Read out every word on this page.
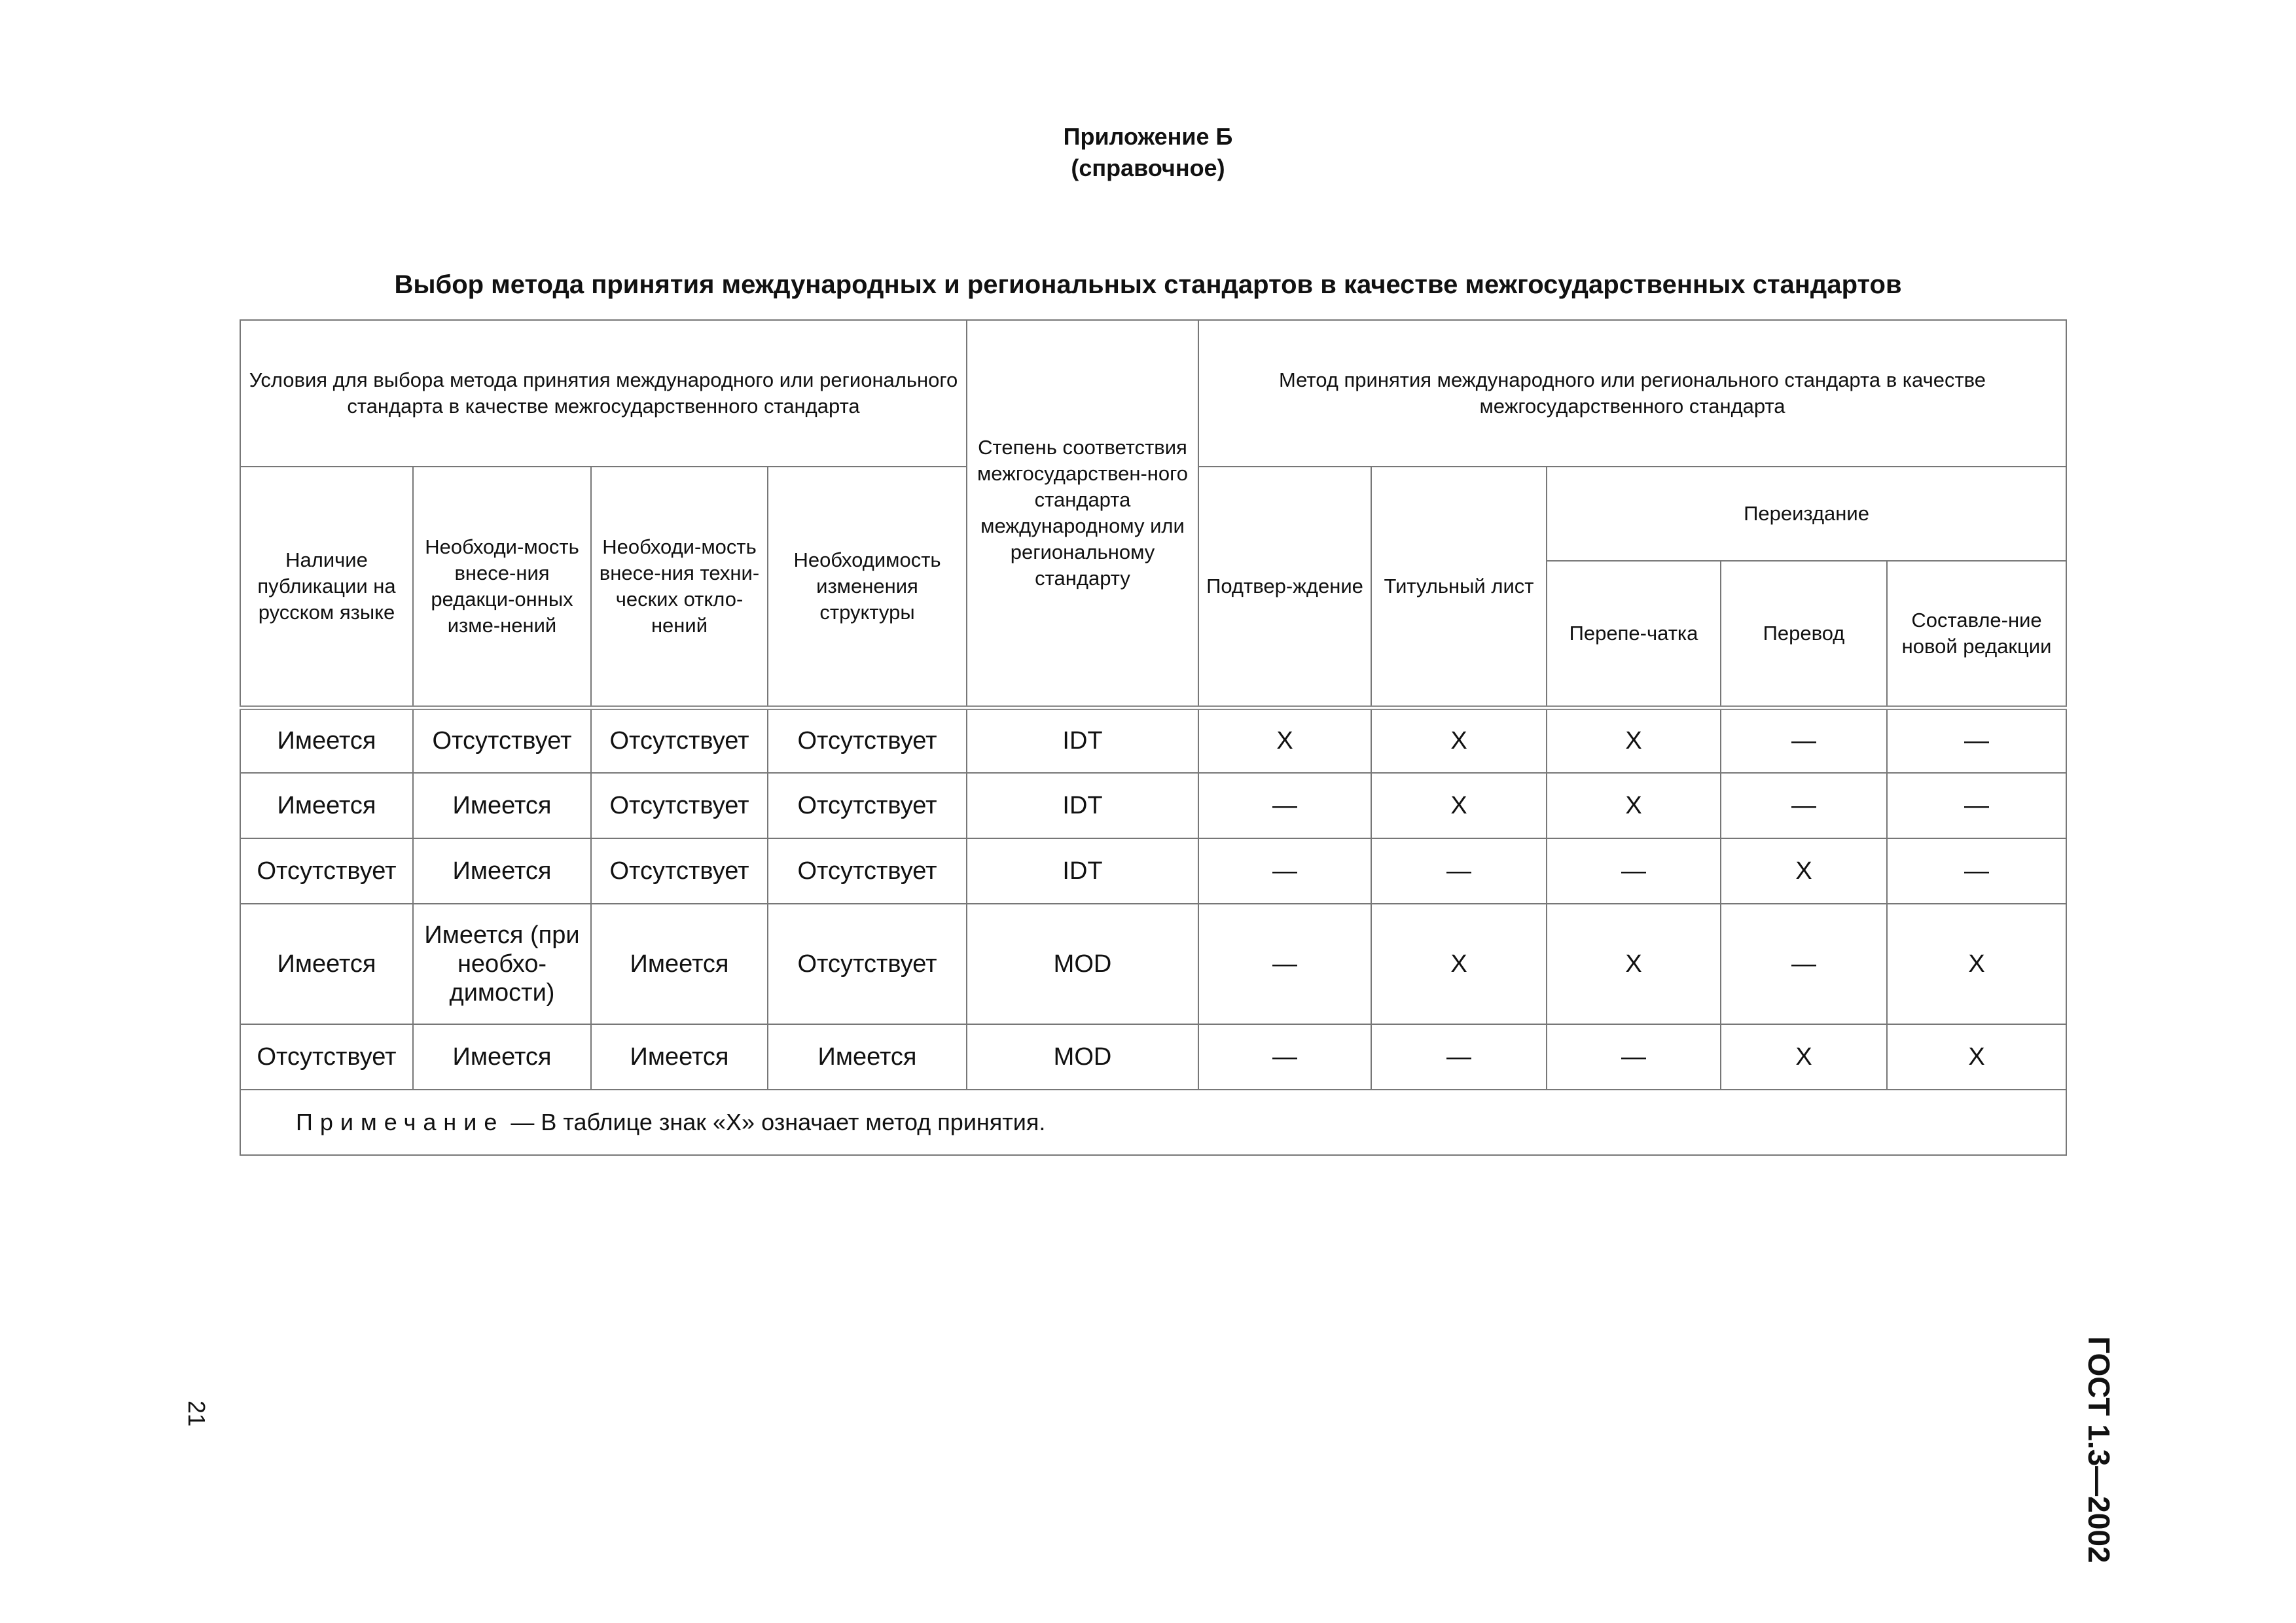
Приложение Б
(справочное)
Выбор метода принятия международных и региональных стандартов в качестве межгосударственных стандартов
Условия для выбора метода принятия международного или регионального стандарта в качестве межгосударственного стандарта				Степень соответствия межгосударствен-ного стандарта международному или региональному стандарту	Метод принятия международного или регионального стандарта в качестве межгосударственного стандарта				
Наличие публикации на русском языке	Необходи-мость внесе-ния редакци-онных изме-нений	Необходи-мость внесе-ния техни-ческих откло-нений	Необходимость изменения структуры		Подтвер-ждение	Титульный лист	Переиздание		
							Перепе-чатка	Перевод	Составле-ние новой редакции
Имеется	Отсутствует	Отсутствует	Отсутствует	IDT	X	X	X	—	—
Имеется	Имеется	Отсутствует	Отсутствует	IDT	—	X	X	—	—
Отсутствует	Имеется	Отсутствует	Отсутствует	IDT	—	—	—	X	—
Имеется	Имеется (при необхо-димости)	Имеется	Отсутствует	MOD	—	X	X	—	X
Отсутствует	Имеется	Имеется	Имеется	MOD	—	—	—	X	X
Примечание — В таблице знак «Х» означает метод принятия.									
ГОСТ 1.3—2002
21
